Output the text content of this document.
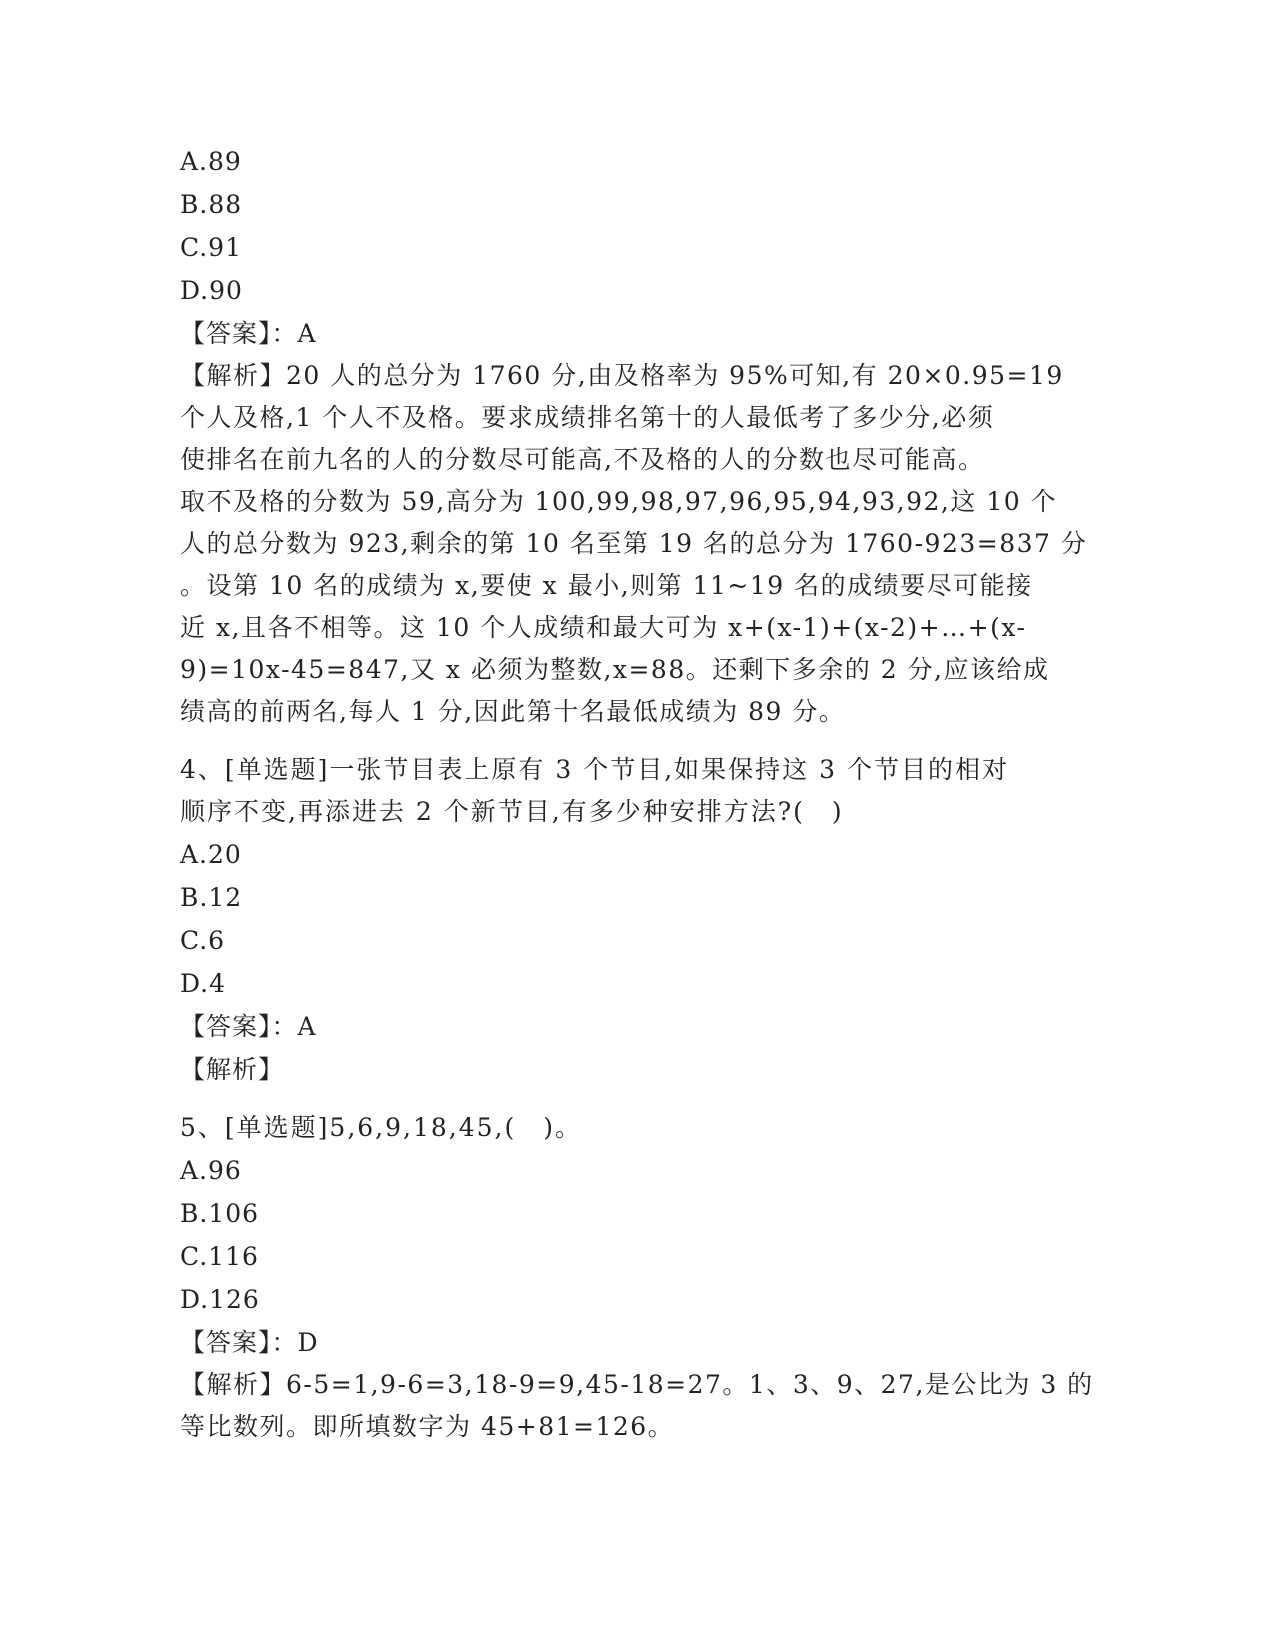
A.89
B.88
C.91
D.90
【答案】：A
【解析】20 人的总分为 1760 分,由及格率为 95%可知,有 20×0.95=19
个人及格,1 个人不及格。要求成绩排名第十的人最低考了多少分,必须
使排名在前九名的人的分数尽可能高,不及格的人的分数也尽可能高。
取不及格的分数为 59,高分为 100,99,98,97,96,95,94,93,92,这 10 个
人的总分数为 923,剩余的第 10 名至第 19 名的总分为 1760-923=837 分
。设第 10 名的成绩为 x,要使 x 最小,则第 11~19 名的成绩要尽可能接
近 x,且各不相等。这 10 个人成绩和最大可为 x+(x-1)+(x-2)+…+(x-
9)=10x-45=847,又 x 必须为整数,x=88。还剩下多余的 2 分,应该给成
绩高的前两名,每人 1 分,因此第十名最低成绩为 89 分。
4、[单选题]一张节目表上原有 3 个节目,如果保持这 3 个节目的相对
顺序不变,再添进去 2 个新节目,有多少种安排方法?(　)
A.20
B.12
C.6
D.4
【答案】：A
【解析】
5、[单选题]5,6,9,18,45,(　)。
A.96
B.106
C.116
D.126
【答案】：D
【解析】6-5=1,9-6=3,18-9=9,45-18=27。1、3、9、27,是公比为 3 的
等比数列。即所填数字为 45+81=126。
